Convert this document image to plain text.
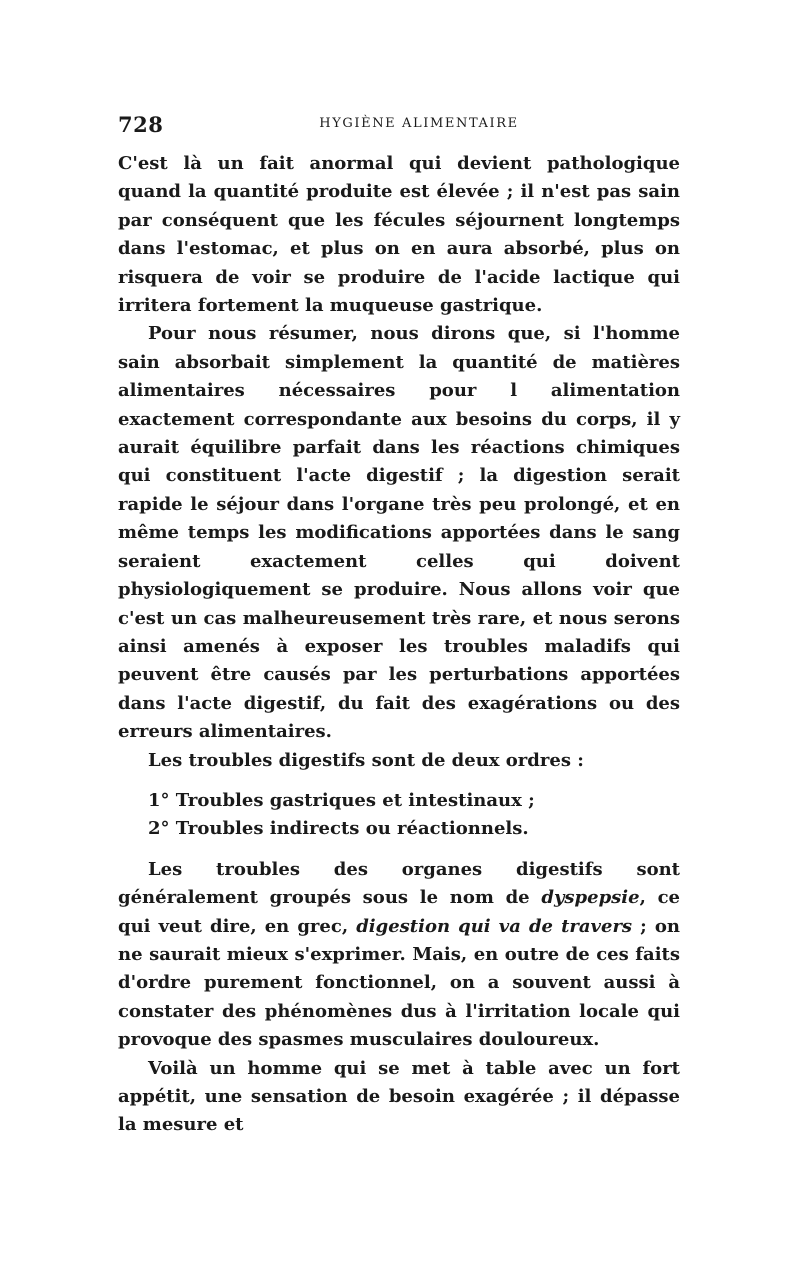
728	HYGIÈNE ALIMENTAIRE

C'est là un fait anormal qui devient pathologique quand la quantité produite est élevée ; il n'est pas sain par conséquent que les fécules séjournent longtemps dans l'estomac, et plus on en aura absorbé, plus on risquera de voir se produire de l'acide lactique qui irritera fortement la muqueuse gastrique.

Pour nous résumer, nous dirons que, si l'homme sain absorbait simplement la quantité de matières alimentaires nécessaires pour l alimentation exactement correspondante aux besoins du corps, il y aurait équilibre parfait dans les réactions chimiques qui constituent l'acte digestif ; la digestion serait rapide le séjour dans l'organe très peu prolongé, et en même temps les modifications apportées dans le sang seraient exactement celles qui doivent physiologiquement se produire. Nous allons voir que c'est un cas malheureusement très rare, et nous serons ainsi amenés à exposer les troubles maladifs qui peuvent être causés par les perturbations apportées dans l'acte digestif, du fait des exagérations ou des erreurs alimentaires.

Les troubles digestifs sont de deux ordres :

1° Troubles gastriques et intestinaux ;

2° Troubles indirects ou réactionnels.

Les troubles des organes digestifs sont généralement groupés sous le nom de dyspepsie, ce qui veut dire, en grec, digestion qui va de travers ; on ne saurait mieux s'exprimer. Mais, en outre de ces faits d'ordre purement fonctionnel, on a souvent aussi à constater des phénomènes dus à l'irritation locale qui provoque des spasmes musculaires douloureux.

Voilà un homme qui se met à table avec un fort appétit, une sensation de besoin exagérée ; il dépasse la mesure et
